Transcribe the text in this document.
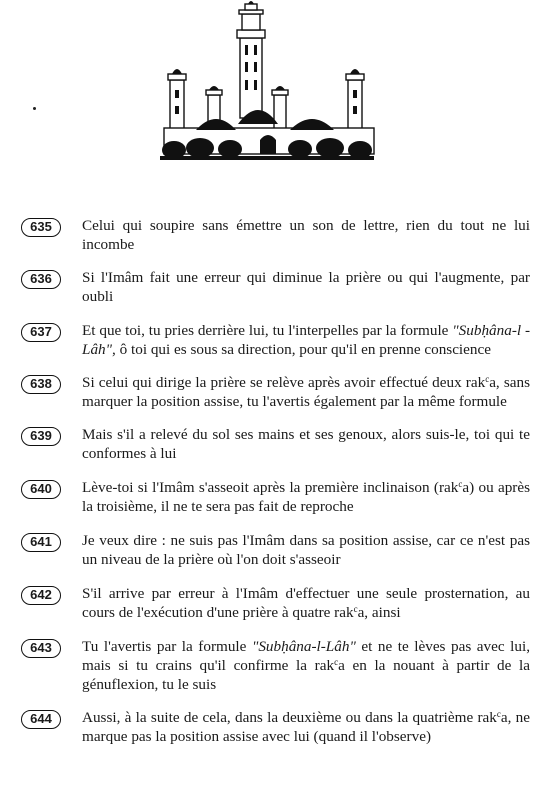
635	Celui qui soupire sans émettre un son de lettre, rien du tout ne lui incombe
636	Si l'Imâm fait une erreur qui diminue la prière ou qui l'augmente, par oubli
637	Et que toi, tu pries derrière lui, tu l'interpelles par la formule "Subḥâna-l - Lâh", ô toi qui es sous sa direction, pour qu'il en prenne conscience
638	Si celui qui dirige la prière se relève après avoir effectué deux rak$^c$a, sans marquer la position assise, tu l'avertis également par la même formule
639	Mais s'il a relevé du sol ses mains et ses genoux, alors suis-le, toi qui te conformes à lui
640	Lève-toi si l'Imâm s'asseoit après la première inclinaison (rak$^c$a) ou après la troisième, il ne te sera pas fait de reproche
641	Je veux dire : ne suis pas l'Imâm dans sa position assise, car ce n'est pas un niveau de la prière où l'on doit s'asseoir
642	S'il arrive par erreur à l'Imâm d'effectuer une seule prosternation, au cours de l'exécution d'une prière à quatre rak$^c$a, ainsi
643	Tu l'avertis par la formule "Subḥâna-l-Lâh" et ne te lèves pas avec lui, mais si tu crains qu'il confirme la rak$^c$a en la nouant à partir de la génuflexion, tu le suis
644	Aussi, à la suite de cela, dans la deuxième ou dans la quatrième rak$^c$a, ne marque pas la position assise avec lui (quand il l'observe)
